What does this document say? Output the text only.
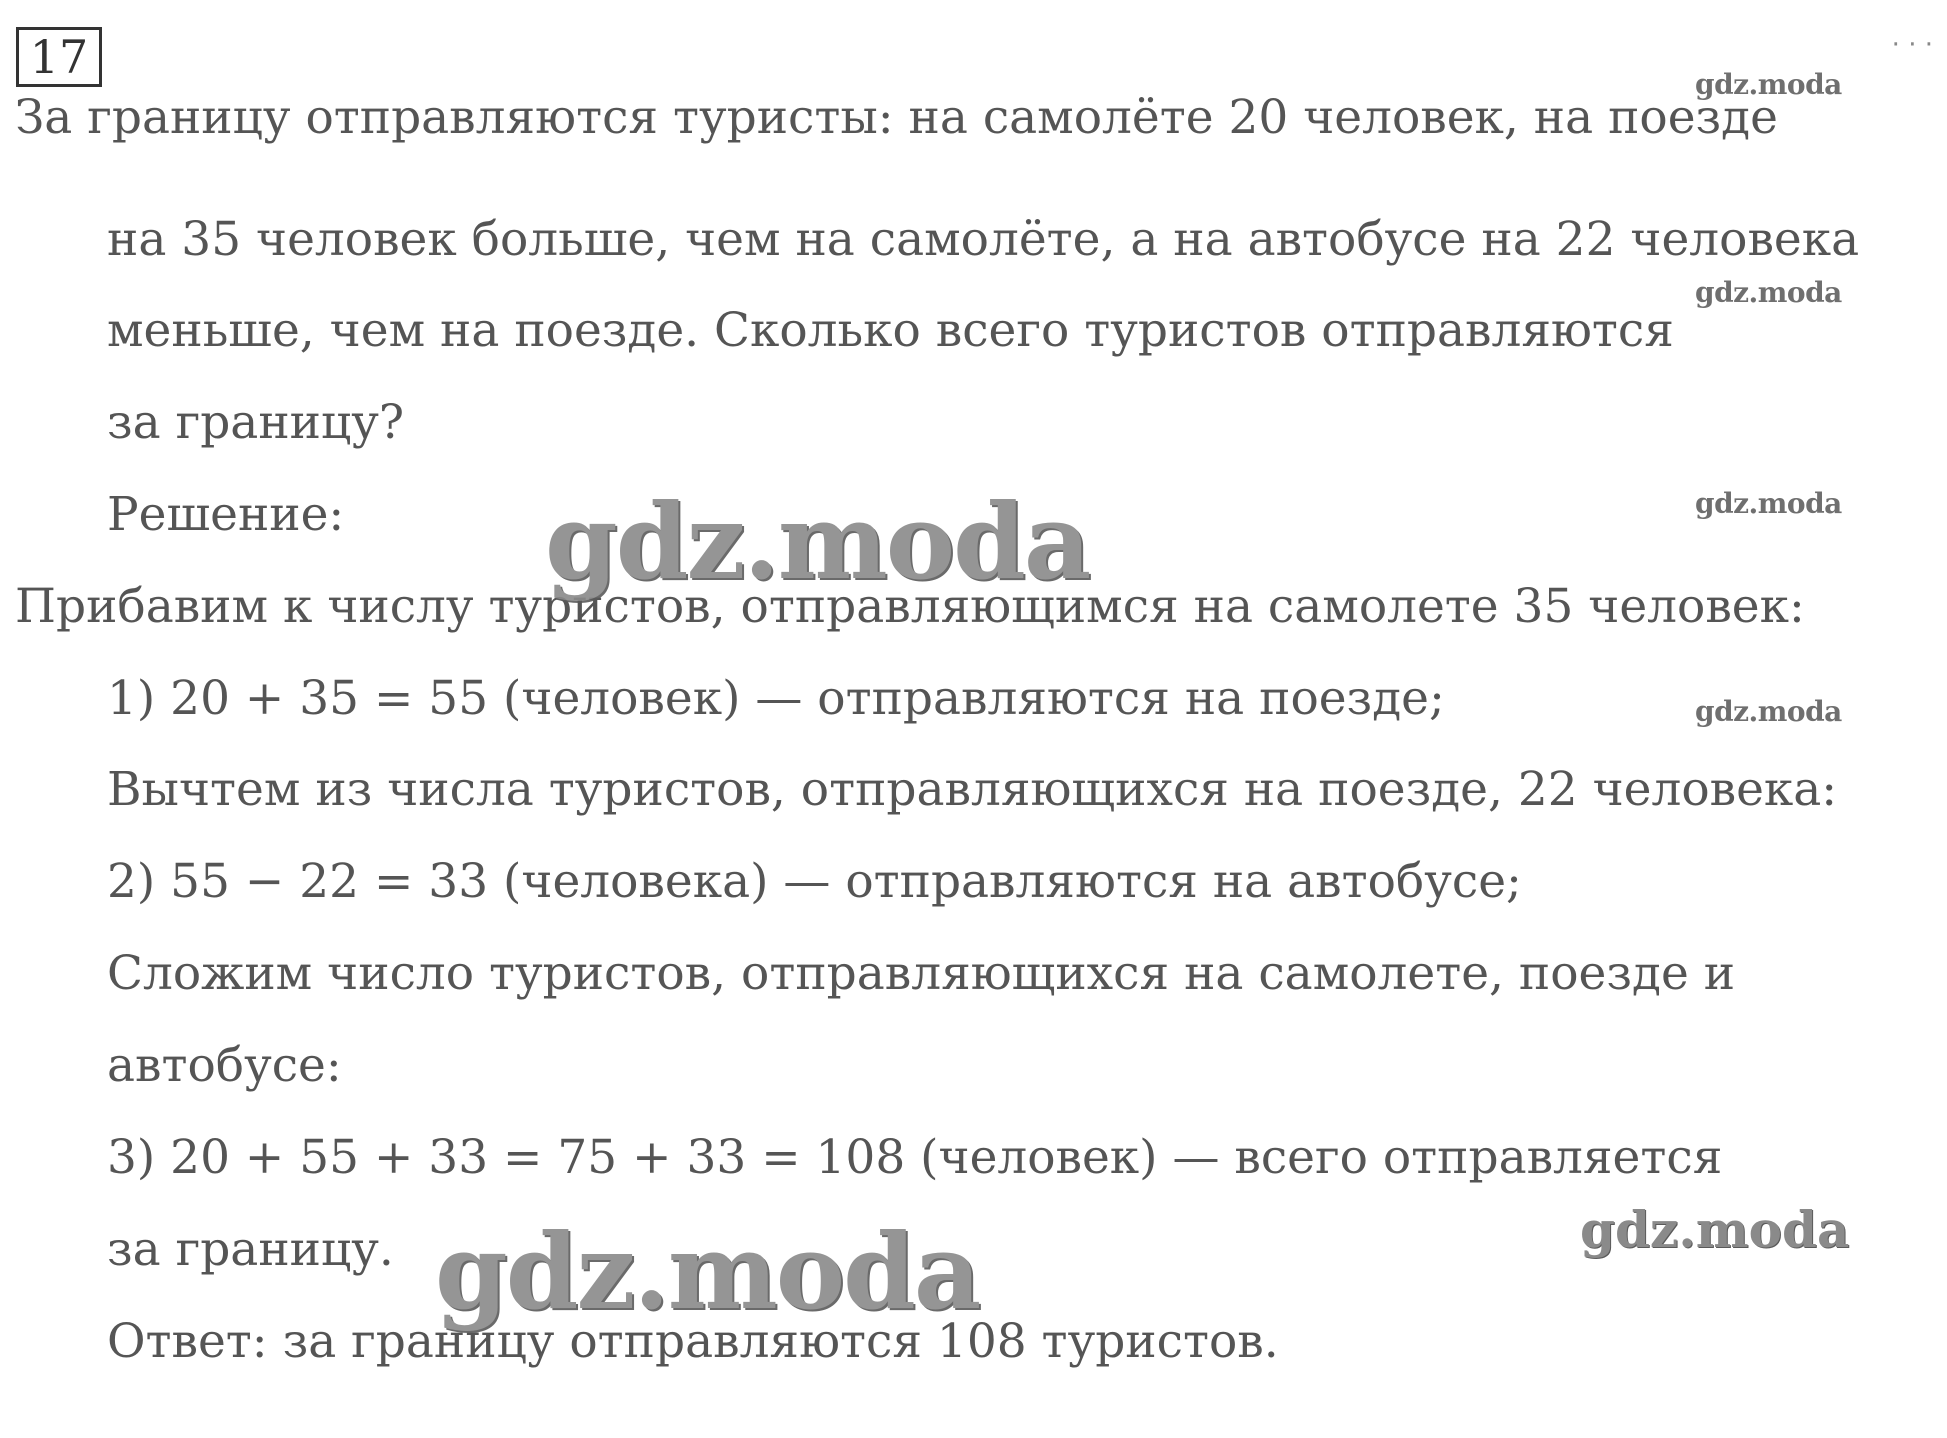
17	· · ·
За границу отправляются туристы: на самолёте 20 человек, на поезде
на 35 человек больше, чем на самолёте, а на автобусе на 22 человека
меньше, чем на поезде. Сколько всего туристов отправляются
за границу?
Решение:
Прибавим к числу туристов, отправляющимся на самолете 35 человек:
1) 20 + 35 = 55 (человек) — отправляются на поезде;
Вычтем из числа туристов, отправляющихся на поезде, 22 человека:
2) 55 − 22 = 33 (человека) — отправляются на автобусе;
Сложим число туристов, отправляющихся на самолете, поезде и
автобусе:
3) 20 + 55 + 33 = 75 + 33 = 108 (человек) — всего отправляется
за границу.
Ответ: за границу отправляются 108 туристов.
gdz.moda
gdz.moda
gdz.moda
gdz.moda
gdz.moda
gdz.moda	gdz.moda
